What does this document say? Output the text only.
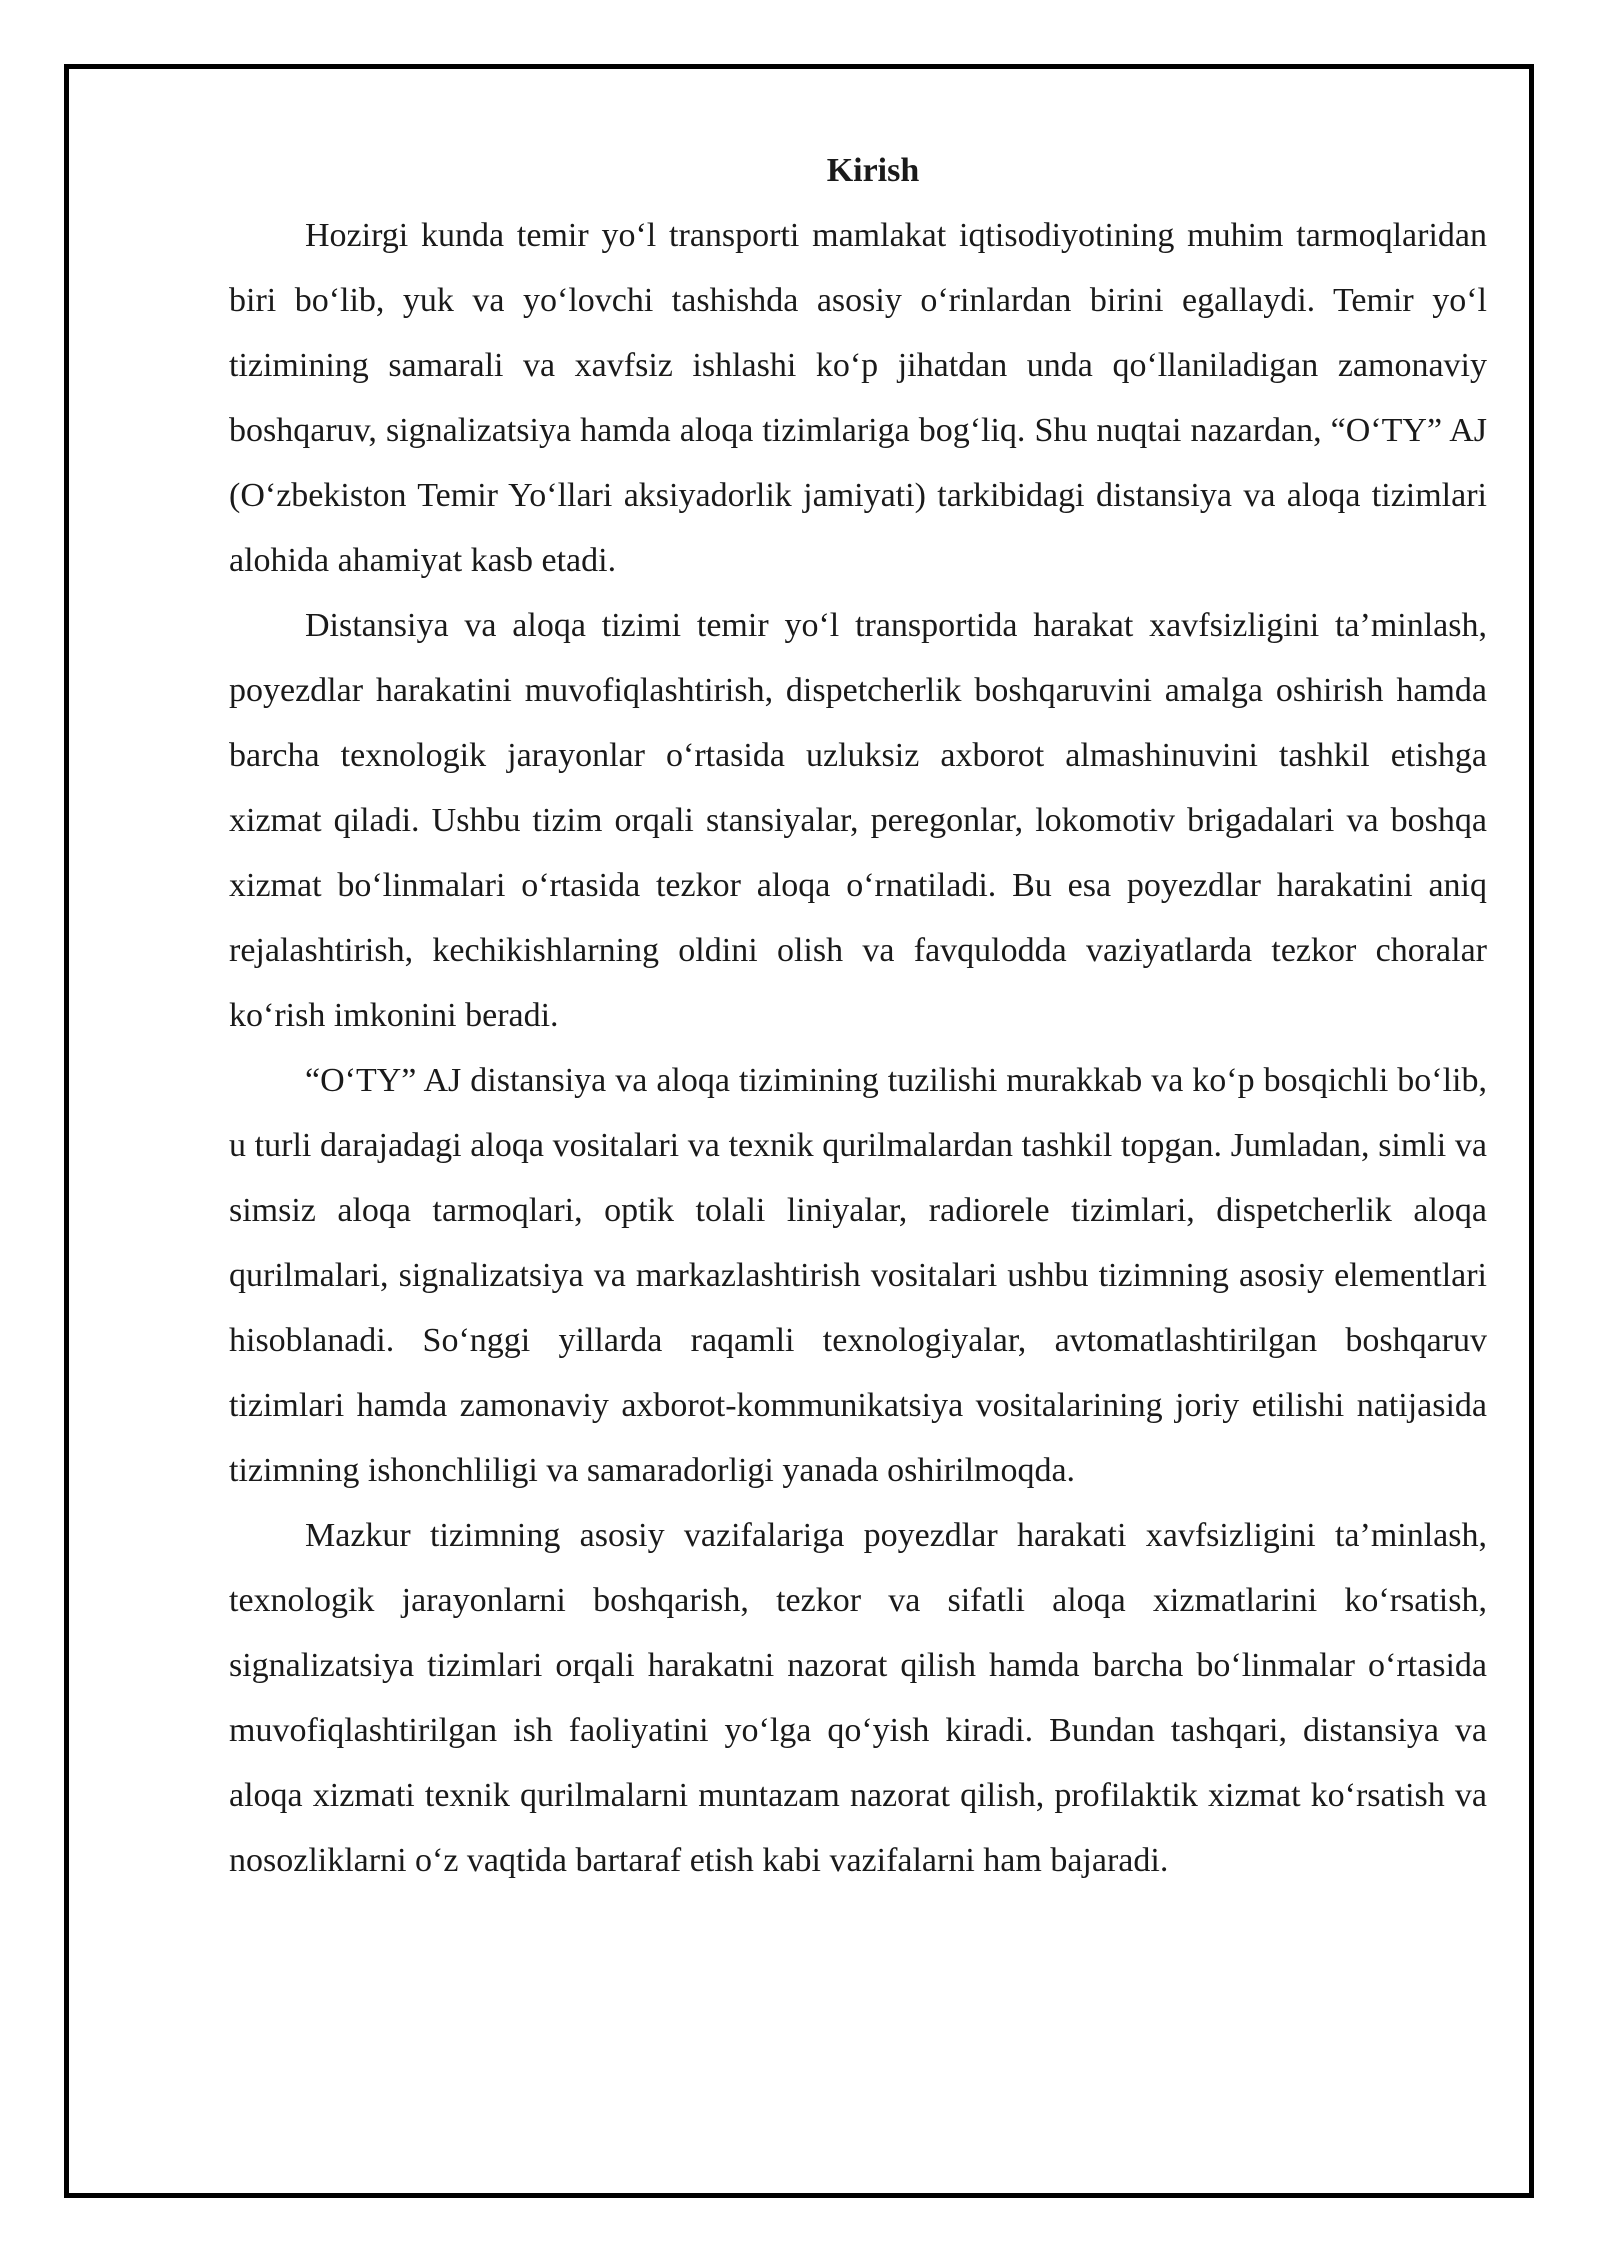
Kirish

Hozirgi kunda temir yo‘l transporti mamlakat iqtisodiyotining muhim tarmoqlaridan biri bo‘lib, yuk va yo‘lovchi tashishda asosiy o‘rinlardan birini egallaydi. Temir yo‘l tizimining samarali va xavfsiz ishlashi ko‘p jihatdan unda qo‘llaniladigan zamonaviy boshqaruv, signalizatsiya hamda aloqa tizimlariga bog‘liq. Shu nuqtai nazardan, “O‘TY” AJ (O‘zbekiston Temir Yo‘llari aksiyadorlik jamiyati) tarkibidagi distansiya va aloqa tizimlari alohida ahamiyat kasb etadi.

Distansiya va aloqa tizimi temir yo‘l transportida harakat xavfsizligini ta’minlash, poyezdlar harakatini muvofiqlashtirish, dispetcherlik boshqaruvini amalga oshirish hamda barcha texnologik jarayonlar o‘rtasida uzluksiz axborot almashinuvini tashkil etishga xizmat qiladi. Ushbu tizim orqali stansiyalar, peregonlar, lokomotiv brigadalari va boshqa xizmat bo‘linmalari o‘rtasida tezkor aloqa o‘rnatiladi. Bu esa poyezdlar harakatini aniq rejalashtirish, kechikishlarning oldini olish va favqulodda vaziyatlarda tezkor choralar ko‘rish imkonini beradi.

“O‘TY” AJ distansiya va aloqa tizimining tuzilishi murakkab va ko‘p bosqichli bo‘lib, u turli darajadagi aloqa vositalari va texnik qurilmalardan tashkil topgan. Jumladan, simli va simsiz aloqa tarmoqlari, optik tolali liniyalar, radiorele tizimlari, dispetcherlik aloqa qurilmalari, signalizatsiya va markazlashtirish vositalari ushbu tizimning asosiy elementlari hisoblanadi. So‘nggi yillarda raqamli texnologiyalar, avtomatlashtirilgan boshqaruv tizimlari hamda zamonaviy axborot-kommunikatsiya vositalarining joriy etilishi natijasida tizimning ishonchliligi va samaradorligi yanada oshirilmoqda.

Mazkur tizimning asosiy vazifalariga poyezdlar harakati xavfsizligini ta’minlash, texnologik jarayonlarni boshqarish, tezkor va sifatli aloqa xizmatlarini ko‘rsatish, signalizatsiya tizimlari orqali harakatni nazorat qilish hamda barcha bo‘linmalar o‘rtasida muvofiqlashtirilgan ish faoliyatini yo‘lga qo‘yish kiradi. Bundan tashqari, distansiya va aloqa xizmati texnik qurilmalarni muntazam nazorat qilish, profilaktik xizmat ko‘rsatish va nosozliklarni o‘z vaqtida bartaraf etish kabi vazifalarni ham bajaradi.
